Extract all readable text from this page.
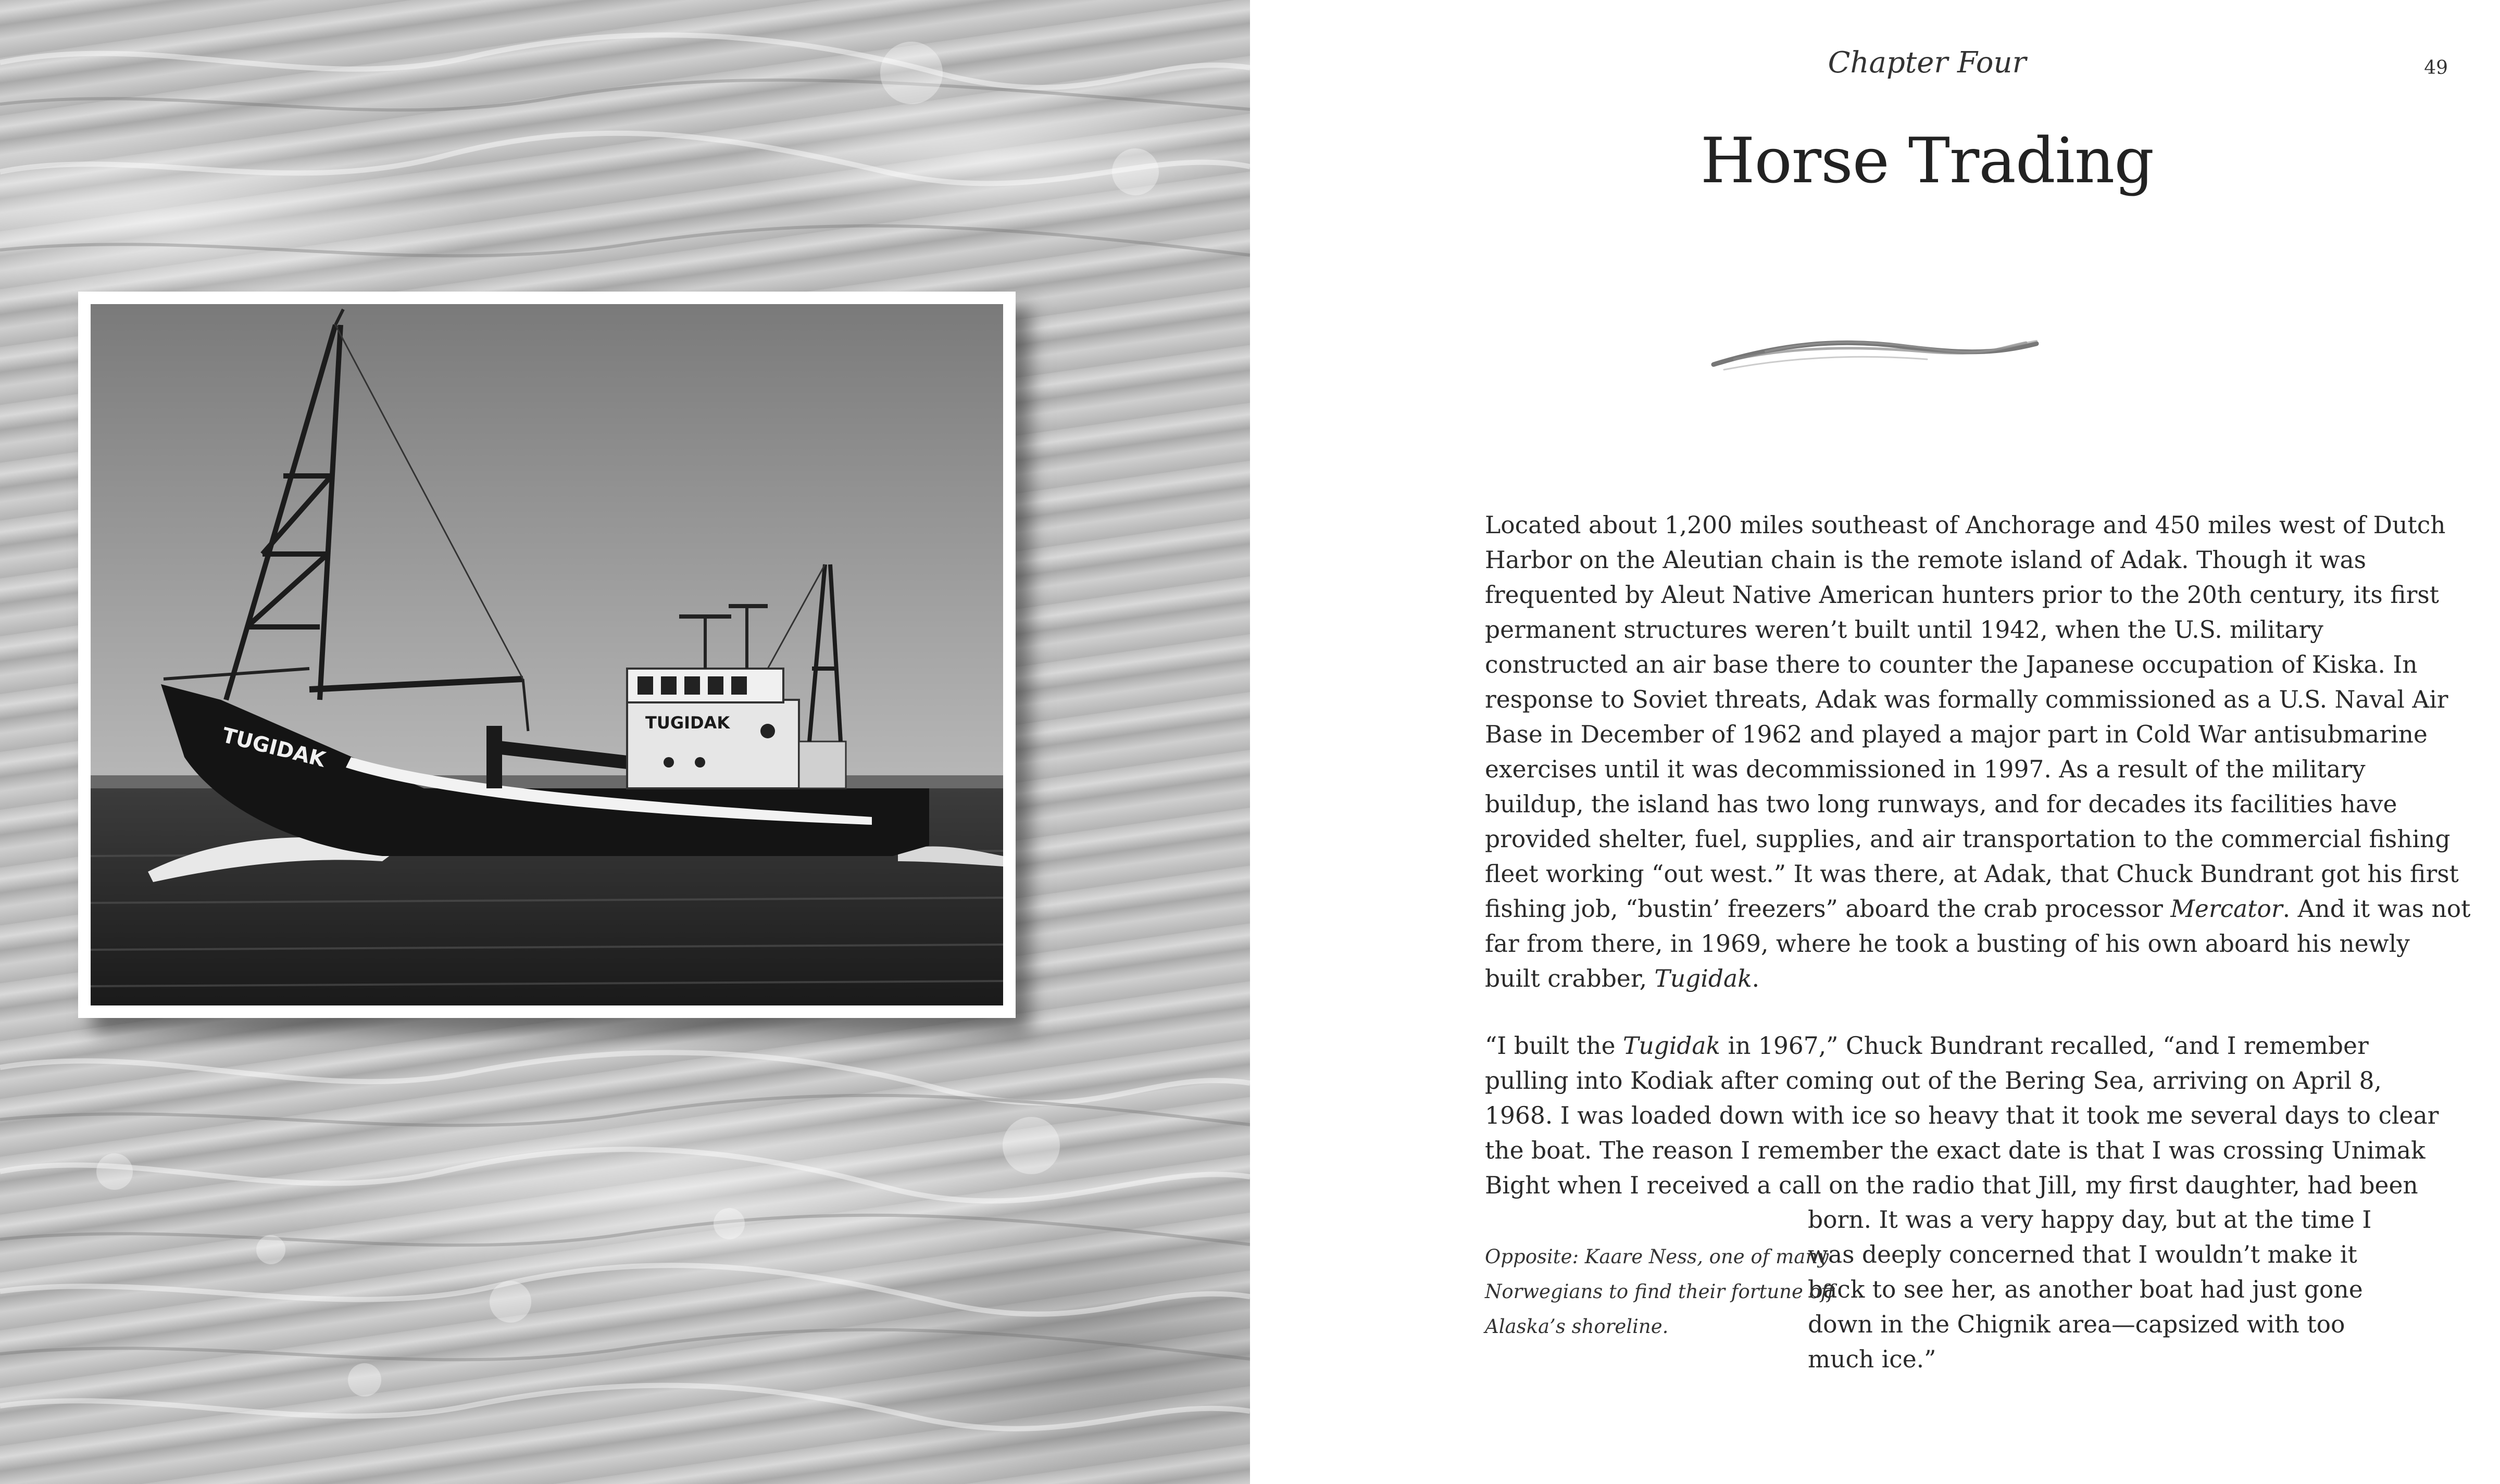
TUGIDAK
TUGIDAK
Chapter Four	49
Horse Trading
Located about 1,200 miles southeast of Anchorage and 450 miles west of Dutch
Harbor on the Aleutian chain is the remote island of Adak. Though it was
frequented by Aleut Native American hunters prior to the 20th century, its first
permanent structures weren’t built until 1942, when the U.S. military
constructed an air base there to counter the Japanese occupation of Kiska. In
response to Soviet threats, Adak was formally commissioned as a U.S. Naval Air
Base in December of 1962 and played a major part in Cold War antisubmarine
exercises until it was decommissioned in 1997. As a result of the military
buildup, the island has two long runways, and for decades its facilities have
provided shelter, fuel, supplies, and air transportation to the commercial fishing
fleet working “out west.” It was there, at Adak, that Chuck Bundrant got his first
fishing job, “bustin’ freezers” aboard the crab processor Mercator. And it was not
far from there, in 1969, where he took a busting of his own aboard his newly
built crabber, Tugidak.
“I built the Tugidak in 1967,” Chuck Bundrant recalled, “and I remember
pulling into Kodiak after coming out of the Bering Sea, arriving on April 8,
1968. I was loaded down with ice so heavy that it took me several days to clear
the boat. The reason I remember the exact date is that I was crossing Unimak
Bight when I received a call on the radio that Jill, my first daughter, had been
born. It was a very happy day, but at the time I
was deeply concerned that I wouldn’t make it
back to see her, as another boat had just gone
down in the Chignik area—capsized with too
much ice.”
Opposite: Kaare Ness, one of many
Norwegians to find their fortune off
Alaska’s shoreline.
